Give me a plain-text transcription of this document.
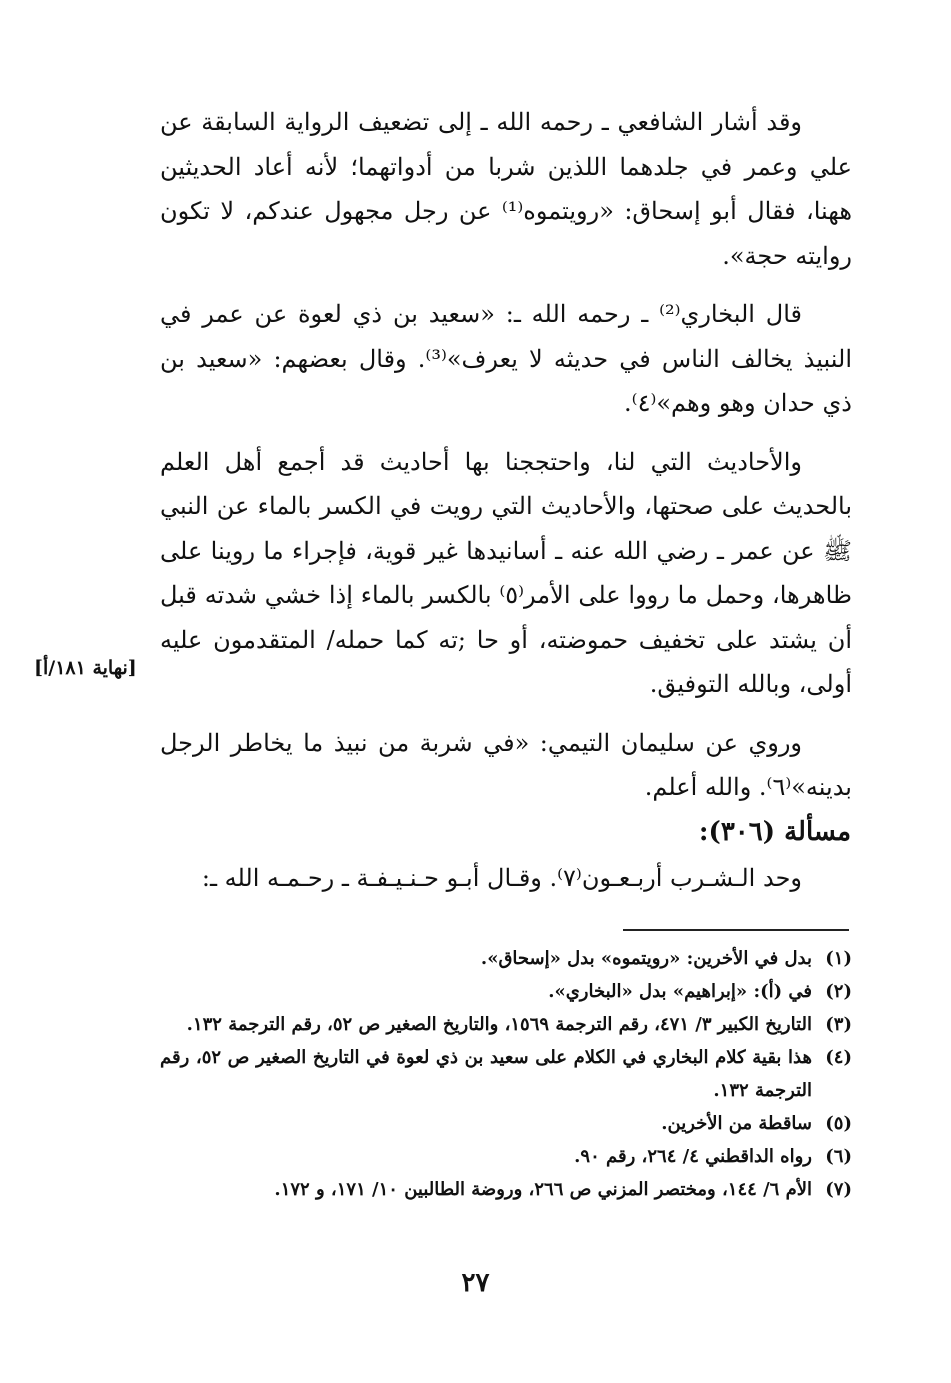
وقد أشار الشافعي ـ رحمه الله ـ إلى تضعيف الرواية السابقة عن علي وعمر في جلدهما اللذين شربا من أدواتهما؛ لأنه أعاد الحديثين ههنا، فقال أبو إسحاق: «رويتموه⁽¹⁾ عن رجل مجهول عندكم، لا تكون روايته حجة».

قال البخاري⁽²⁾ ـ رحمه الله ـ: «سعيد بن ذي لعوة عن عمر في النبيذ يخالف الناس في حديثه لا يعرف»⁽³⁾. وقال بعضهم: «سعيد بن ذي حدان وهو وهم»⁽٤⁾.

والأحاديث التي لنا، واحتججنا بها أحاديث قد أجمع أهل العلم بالحديث على صحتها، والأحاديث التي رويت في الكسر بالماء عن النبي ﷺ عن عمر ـ رضي الله عنه ـ أسانيدها غير قوية، فإجراء ما روينا على ظاهرها، وحمل ما رووا على الأمر⁽٥⁾ بالكسر بالماء إذا خشي شدته قبل أن يشتد على تخفيف حموضته، أو حا ;ته كما حمله/ المتقدمون عليه أولى، وبالله التوفيق.

وروي عن سليمان التيمي: «في شربة من نبيذ ما يخاطر الرجل بدينه»⁽٦⁾. والله أعلم.

[نهاية ١٨١/أ]
مسألة (٣٠٦):
وحد الـشـرب أربـعـون⁽٧⁾. وقـال أبـو حـنـيـفـة ـ رحـمـه الله ـ:
(١)
بدل في الأخرين: «رويتموه» بدل «إسحاق».
(٢)
في (أ): «إبراهيم» بدل «البخاري».
(٣)
التاريخ الكبير ٣/ ٤٧١، رقم الترجمة ١٥٦٩، والتاريخ الصغير ص ٥٢، رقم الترجمة ١٣٢.
(٤)
هذا بقية كلام البخاري في الكلام على سعيد بن ذي لعوة في التاريخ الصغير ص ٥٢، رقم الترجمة ١٣٢.
(٥)
ساقطة من الأخرين.
(٦)
رواه الداقطني ٤/ ٢٦٤، رقم ٩٠.
(٧)
الأم ٦/ ١٤٤، ومختصر المزني ص ٢٦٦، وروضة الطالبين ١٠/ ١٧١، و ١٧٢.
٢٧
